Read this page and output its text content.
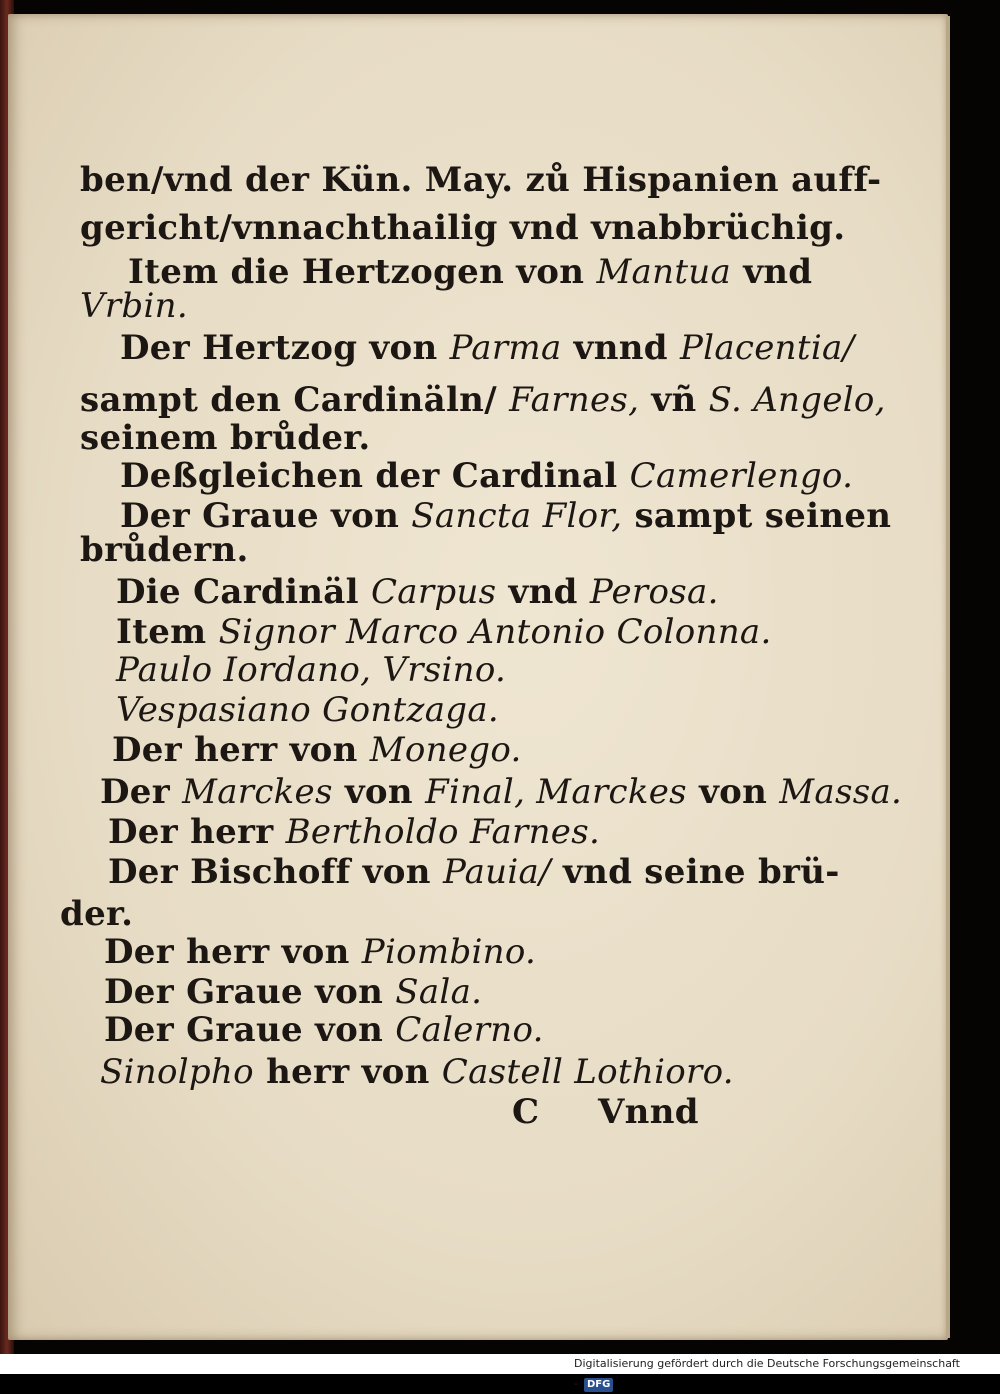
ben/vnd der Kün. May. zů Hispanien auff-
gericht/vnnachthailig vnd vnabbrüchig.
Item die Hertzogen von Mantua vnd
Vrbin.
Der Hertzog von Parma vnnd Placentia/
sampt den Cardinäln/ Farnes, vñ S. Angelo,
seinem brůder.
Deßgleichen der Cardinal Camerlengo.
Der Graue von Sancta Flor, sampt seinen
brůdern.
Die Cardinäl Carpus vnd Perosa.
Item Signor Marco Antonio Colonna.
Paulo Iordano, Vrsino.
Vespasiano Gontzaga.
Der herr von Monego.
Der Marckes von Final, Marckes von Massa.
Der herr Bertholdo Farnes.
Der Bischoff von Pauia/ vnd seine brü-
der.
Der herr von Piombino.
Der Graue von Sala.
Der Graue von Calerno.
Sinolpho herr von Castell Lothioro.
C Vnnd
Digitalisierung gefördert durch die Deutsche Forschungsgemeinschaft - DFG
